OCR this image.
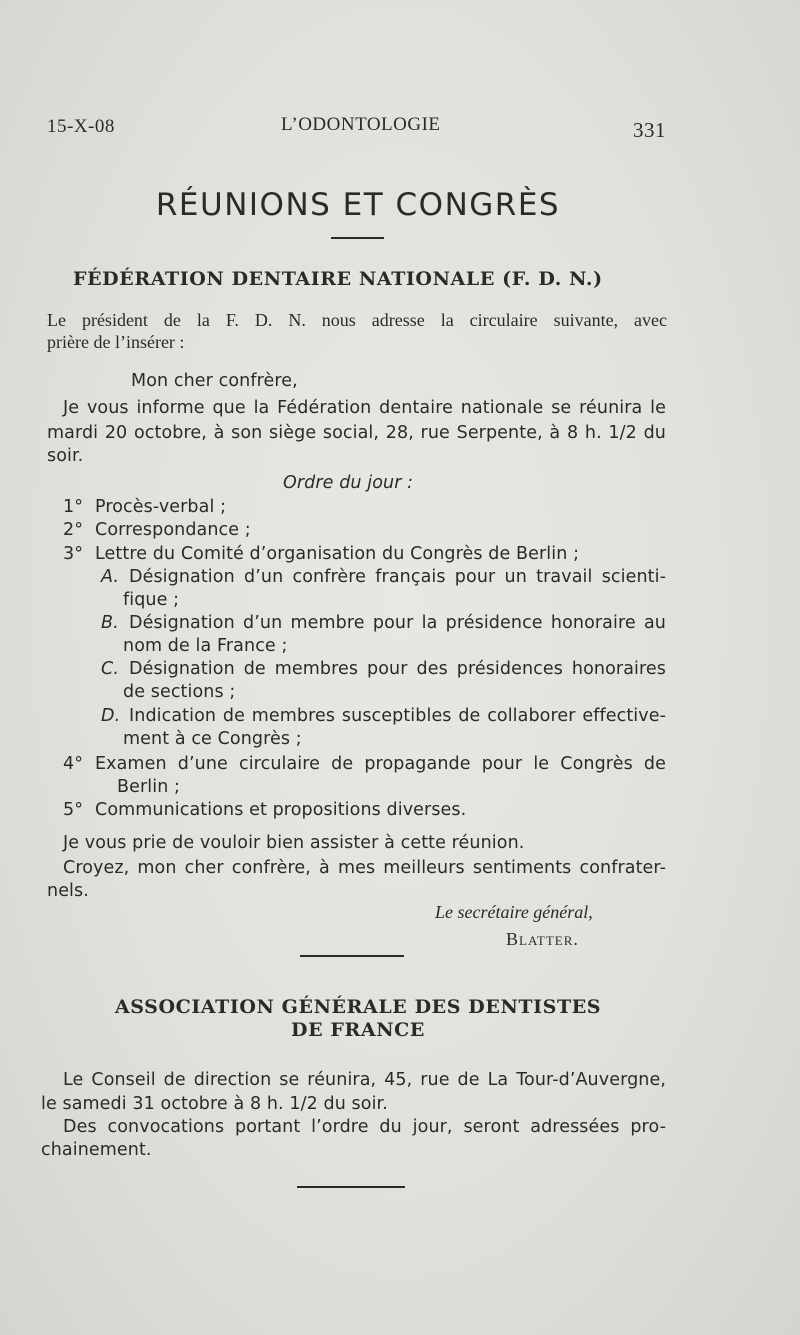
15-X-08	L’ODONTOLOGIE	331
RÉUNIONS ET CONGRÈS
FÉDÉRATION DENTAIRE NATIONALE (F. D. N.)
Le président de la F. D. N. nous adresse la circulaire suivante, avec
prière de l’insérer :
Mon cher confrère,
Je vous informe que la Fédération dentaire nationale se réunira le
mardi 20 octobre, à son siège social, 28, rue Serpente, à 8 h. 1/2 du
soir.
Ordre du jour :
1° Procès-verbal ;
2° Correspondance ;
3° Lettre du Comité d’organisation du Congrès de Berlin ;
A. Désignation d’un confrère français pour un travail scienti-
fique ;
B. Désignation d’un membre pour la présidence honoraire au
nom de la France ;
C. Désignation de membres pour des présidences honoraires
de sections ;
D. Indication de membres susceptibles de collaborer effective-
ment à ce Congrès ;
4° Examen d’une circulaire de propagande pour le Congrès de
Berlin ;
5° Communications et propositions diverses.
Je vous prie de vouloir bien assister à cette réunion.
Croyez, mon cher confrère, à mes meilleurs sentiments confrater-
nels.
Le secrétaire général,
Blatter.
ASSOCIATION GÉNÉRALE DES DENTISTES
DE FRANCE
Le Conseil de direction se réunira, 45, rue de La Tour-d’Auvergne,
le samedi 31 octobre à 8 h. 1/2 du soir.
Des convocations portant l’ordre du jour, seront adressées pro-
chainement.
